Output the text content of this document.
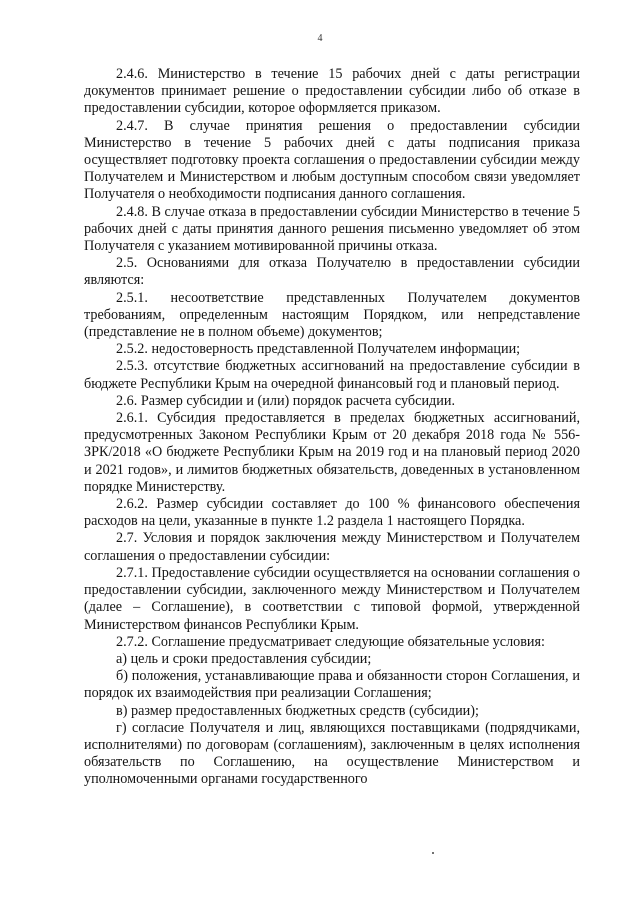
4

2.4.6. Министерство в течение 15 рабочих дней с даты регистрации документов принимает решение о предоставлении субсидии либо об отказе в предоставлении субсидии, которое оформляется приказом.

2.4.7. В случае принятия решения о предоставлении субсидии Министерство в течение 5 рабочих дней с даты подписания приказа осуществляет подготовку проекта соглашения о предоставлении субсидии между Получателем и Министерством и любым доступным способом связи уведомляет Получателя о необходимости подписания данного соглашения.

2.4.8. В случае отказа в предоставлении субсидии Министерство в течение 5 рабочих дней с даты принятия данного решения письменно уведомляет об этом Получателя с указанием мотивированной причины отказа.

2.5. Основаниями для отказа Получателю в предоставлении субсидии являются:

2.5.1. несоответствие представленных Получателем документов требованиям, определенным настоящим Порядком, или непредставление (представление не в полном объеме) документов;

2.5.2. недостоверность представленной Получателем информации;

2.5.3. отсутствие бюджетных ассигнований на предоставление субсидии в бюджете Республики Крым на очередной финансовый год и плановый период.

2.6. Размер субсидии и (или) порядок расчета субсидии.

2.6.1. Субсидия предоставляется в пределах бюджетных ассигнований, предусмотренных Законом Республики Крым от 20 декабря 2018 года № 556-ЗРК/2018 «О бюджете Республики Крым на 2019 год и на плановый период 2020 и 2021 годов», и лимитов бюджетных обязательств, доведенных в установленном порядке Министерству.

2.6.2. Размер субсидии составляет до 100 % финансового обеспечения расходов на цели, указанные в пункте 1.2 раздела 1 настоящего Порядка.

2.7. Условия и порядок заключения между Министерством и Получателем соглашения о предоставлении субсидии:

2.7.1. Предоставление субсидии осуществляется на основании соглашения о предоставлении субсидии, заключенного между Министерством и Получателем (далее – Соглашение), в соответствии с типовой формой, утвержденной Министерством финансов Республики Крым.

2.7.2. Соглашение предусматривает следующие обязательные условия:

а) цель и сроки предоставления субсидии;

б) положения, устанавливающие права и обязанности сторон Соглашения, и порядок их взаимодействия при реализации Соглашения;

в) размер предоставленных бюджетных средств (субсидии);

г) согласие Получателя и лиц, являющихся поставщиками (подрядчиками, исполнителями) по договорам (соглашениям), заключенным в целях исполнения обязательств по Соглашению, на осуществление Министерством и уполномоченными органами государственного
